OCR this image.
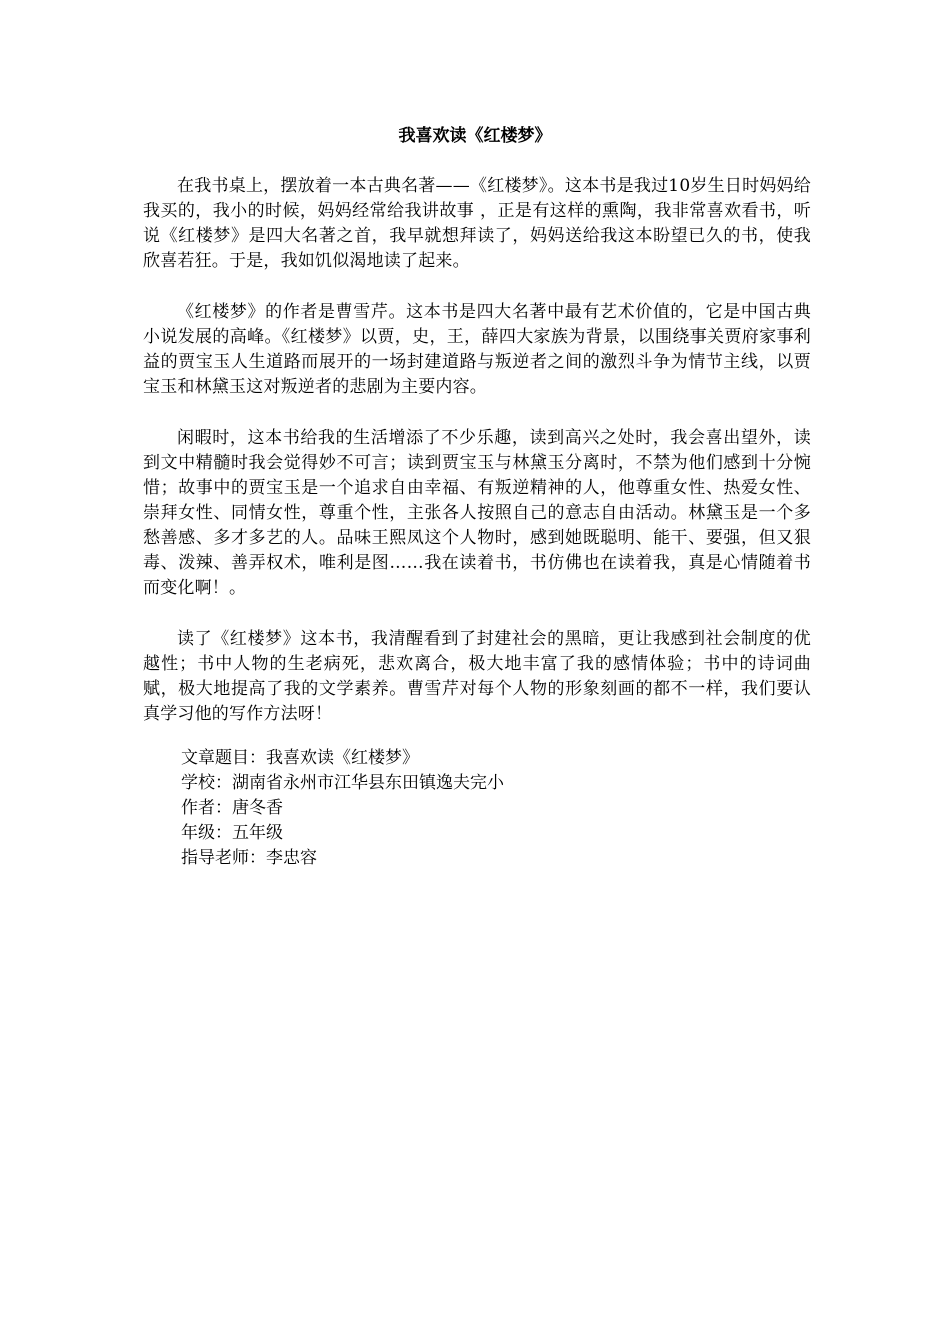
我喜欢读《红楼梦》

在我书桌上，摆放着一本古典名著——《红楼梦》。这本书是我过10岁生日时妈妈给我买的，我小的时候，妈妈经常给我讲故事 ，正是有这样的熏陶，我非常喜欢看书，听说《红楼梦》是四大名著之首，我早就想拜读了，妈妈送给我这本盼望已久的书，使我欣喜若狂。于是，我如饥似渴地读了起来。

《红楼梦》的作者是曹雪芹。这本书是四大名著中最有艺术价值的，它是中国古典小说发展的高峰。《红楼梦》以贾，史，王，薛四大家族为背景，以围绕事关贾府家事利益的贾宝玉人生道路而展开的一场封建道路与叛逆者之间的激烈斗争为情节主线，以贾宝玉和林黛玉这对叛逆者的悲剧为主要内容。

闲暇时，这本书给我的生活增添了不少乐趣，读到高兴之处时，我会喜出望外，读到文中精髓时我会觉得妙不可言；读到贾宝玉与林黛玉分离时，不禁为他们感到十分惋惜；故事中的贾宝玉是一个追求自由幸福、有叛逆精神的人，他尊重女性、热爱女性、崇拜女性、同情女性，尊重个性，主张各人按照自己的意志自由活动。林黛玉是一个多愁善感、多才多艺的人。品味王熙凤这个人物时，感到她既聪明、能干、要强，但又狠毒、泼辣、善弄权术，唯利是图……我在读着书，书仿佛也在读着我，真是心情随着书而变化啊！。

读了《红楼梦》这本书，我清醒看到了封建社会的黑暗，更让我感到社会制度的优越性；书中人物的生老病死，悲欢离合，极大地丰富了我的感情体验；书中的诗词曲赋，极大地提高了我的文学素养。曹雪芹对每个人物的形象刻画的都不一样，我们要认真学习他的写作方法呀！

文章题目：我喜欢读《红楼梦》
学校：湖南省永州市江华县东田镇逸夫完小
作者：唐冬香
年级：五年级
指导老师：李忠容
